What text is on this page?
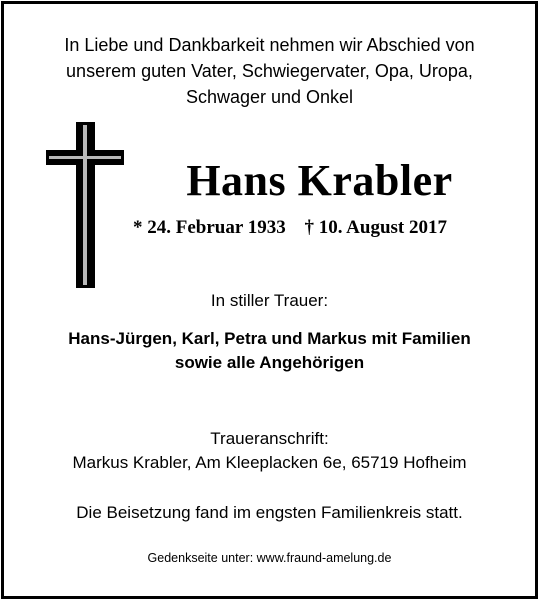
In Liebe und Dankbarkeit nehmen wir Abschied von
unserem guten Vater, Schwiegervater, Opa, Uropa,
Schwager und Onkel
Hans Krabler
* 24. Februar 1933 † 10. August 2017
In stiller Trauer:
Hans-Jürgen, Karl, Petra und Markus mit Familien
sowie alle Angehörigen
Traueranschrift:
Markus Krabler, Am Kleeplacken 6e, 65719 Hofheim
Die Beisetzung fand im engsten Familienkreis statt.
Gedenkseite unter: www.fraund-amelung.de
